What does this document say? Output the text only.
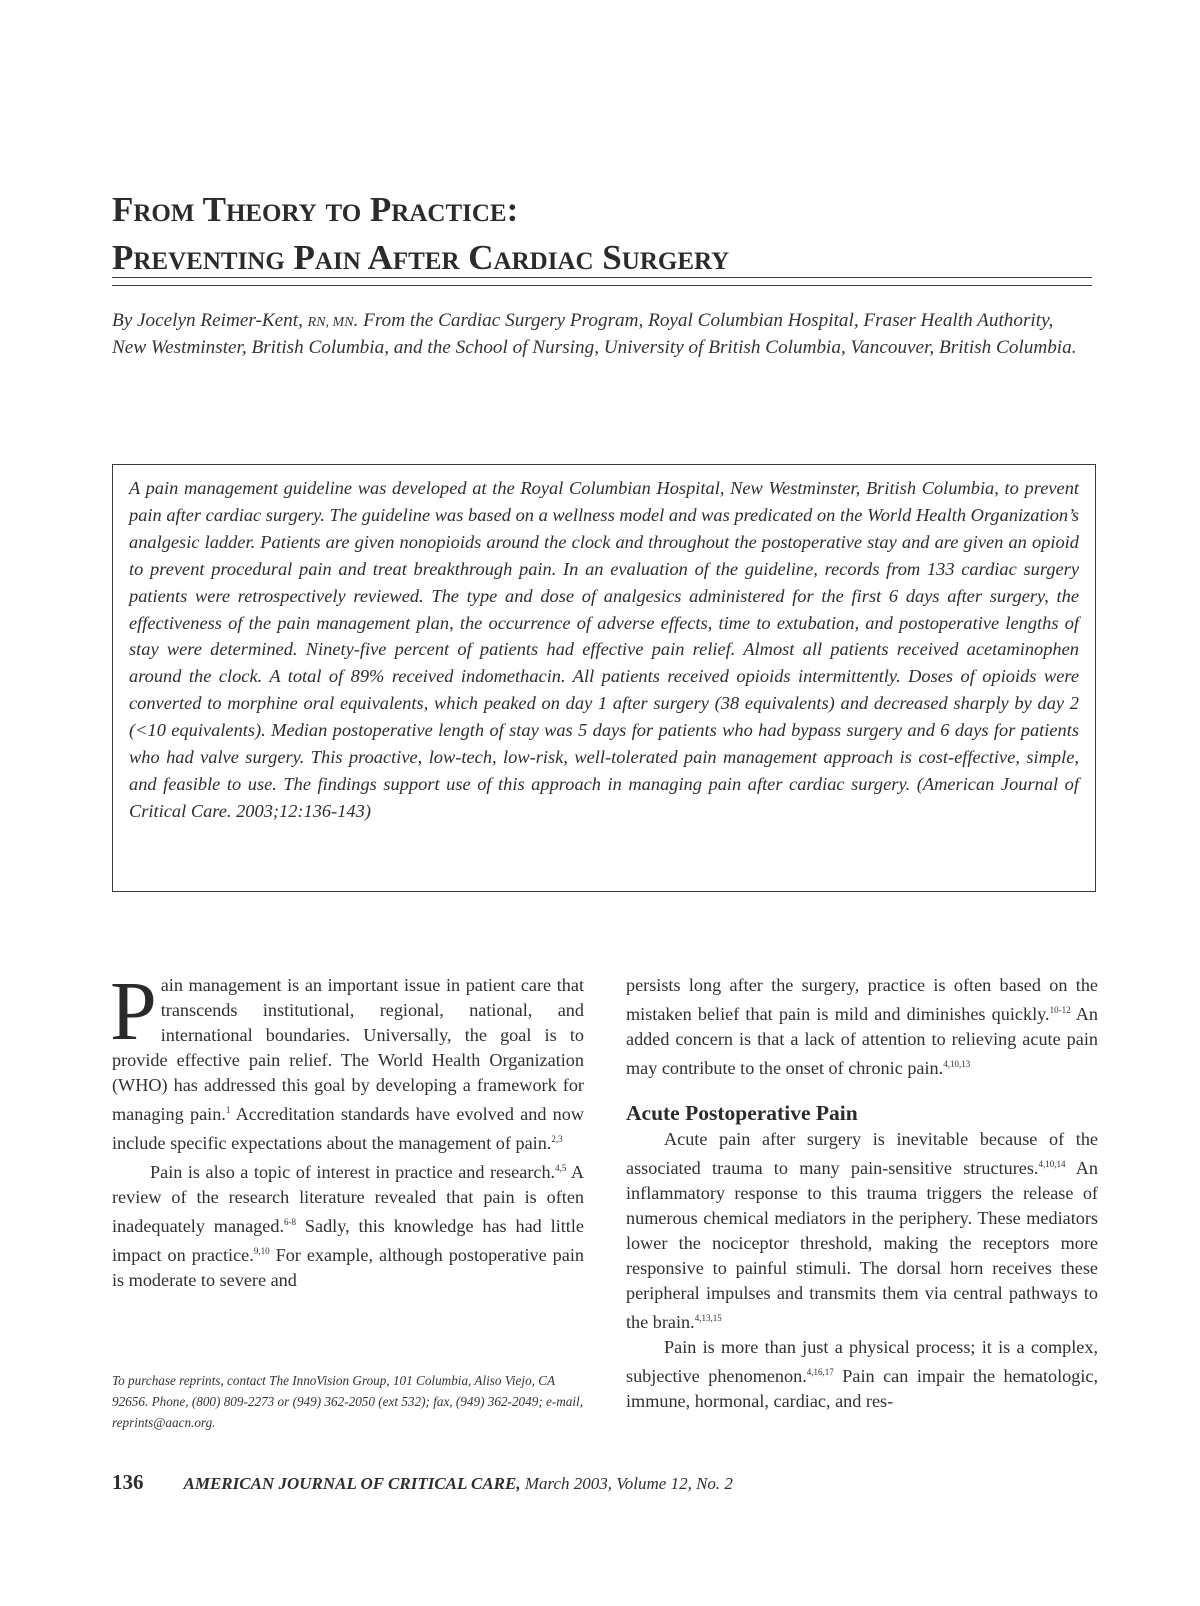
From Theory to Practice:
Preventing Pain After Cardiac Surgery
By Jocelyn Reimer-Kent, RN, MN. From the Cardiac Surgery Program, Royal Columbian Hospital, Fraser Health Authority, New Westminster, British Columbia, and the School of Nursing, University of British Columbia, Vancouver, British Columbia.
A pain management guideline was developed at the Royal Columbian Hospital, New Westminster, British Columbia, to prevent pain after cardiac surgery. The guideline was based on a wellness model and was predicated on the World Health Organization’s analgesic ladder. Patients are given nonopioids around the clock and throughout the postoperative stay and are given an opioid to prevent procedural pain and treat breakthrough pain. In an evaluation of the guideline, records from 133 cardiac surgery patients were retrospectively reviewed. The type and dose of analgesics administered for the first 6 days after surgery, the effectiveness of the pain management plan, the occurrence of adverse effects, time to extubation, and postoperative lengths of stay were determined. Ninety-five percent of patients had effective pain relief. Almost all patients received acetaminophen around the clock. A total of 89% received indomethacin. All patients received opioids intermittently. Doses of opioids were converted to morphine oral equivalents, which peaked on day 1 after surgery (38 equivalents) and decreased sharply by day 2 (<10 equivalents). Median postoperative length of stay was 5 days for patients who had bypass surgery and 6 days for patients who had valve surgery. This proactive, low-tech, low-risk, well-tolerated pain management approach is cost-effective, simple, and feasible to use. The findings support use of this approach in managing pain after cardiac surgery. (American Journal of Critical Care. 2003;12:136-143)

Pain management is an important issue in patient care that transcends institutional, regional, national, and international boundaries. Universally, the goal is to provide effective pain relief. The World Health Organization (WHO) has addressed this goal by developing a framework for managing pain.$^1$ Accreditation standards have evolved and now include specific expectations about the management of pain.$^{2,3}$

Pain is also a topic of interest in practice and research.$^{4,5}$ A review of the research literature revealed that pain is often inadequately managed.$^{6-8}$ Sadly, this knowledge has had little impact on practice.$^{9,10}$ For example, although postoperative pain is moderate to severe and

persists long after the surgery, practice is often based on the mistaken belief that pain is mild and diminishes quickly.$^{10-12}$ An added concern is that a lack of attention to relieving acute pain may contribute to the onset of chronic pain.$^{4,10,13}$

Acute Postoperative Pain

Acute pain after surgery is inevitable because of the associated trauma to many pain-sensitive structures.$^{4,10,14}$ An inflammatory response to this trauma triggers the release of numerous chemical mediators in the periphery. These mediators lower the nociceptor threshold, making the receptors more responsive to painful stimuli. The dorsal horn receives these peripheral impulses and transmits them via central pathways to the brain.$^{4,13,15}$

Pain is more than just a physical process; it is a complex, subjective phenomenon.$^{4,16,17}$ Pain can impair the hematologic, immune, hormonal, cardiac, and res-

To purchase reprints, contact The InnoVision Group, 101 Columbia, Aliso Viejo, CA 92656. Phone, (800) 809-2273 or (949) 362-2050 (ext 532); fax, (949) 362-2049; e-mail, reprints@aacn.org.
136 AMERICAN JOURNAL OF CRITICAL CARE, March 2003, Volume 12, No. 2
